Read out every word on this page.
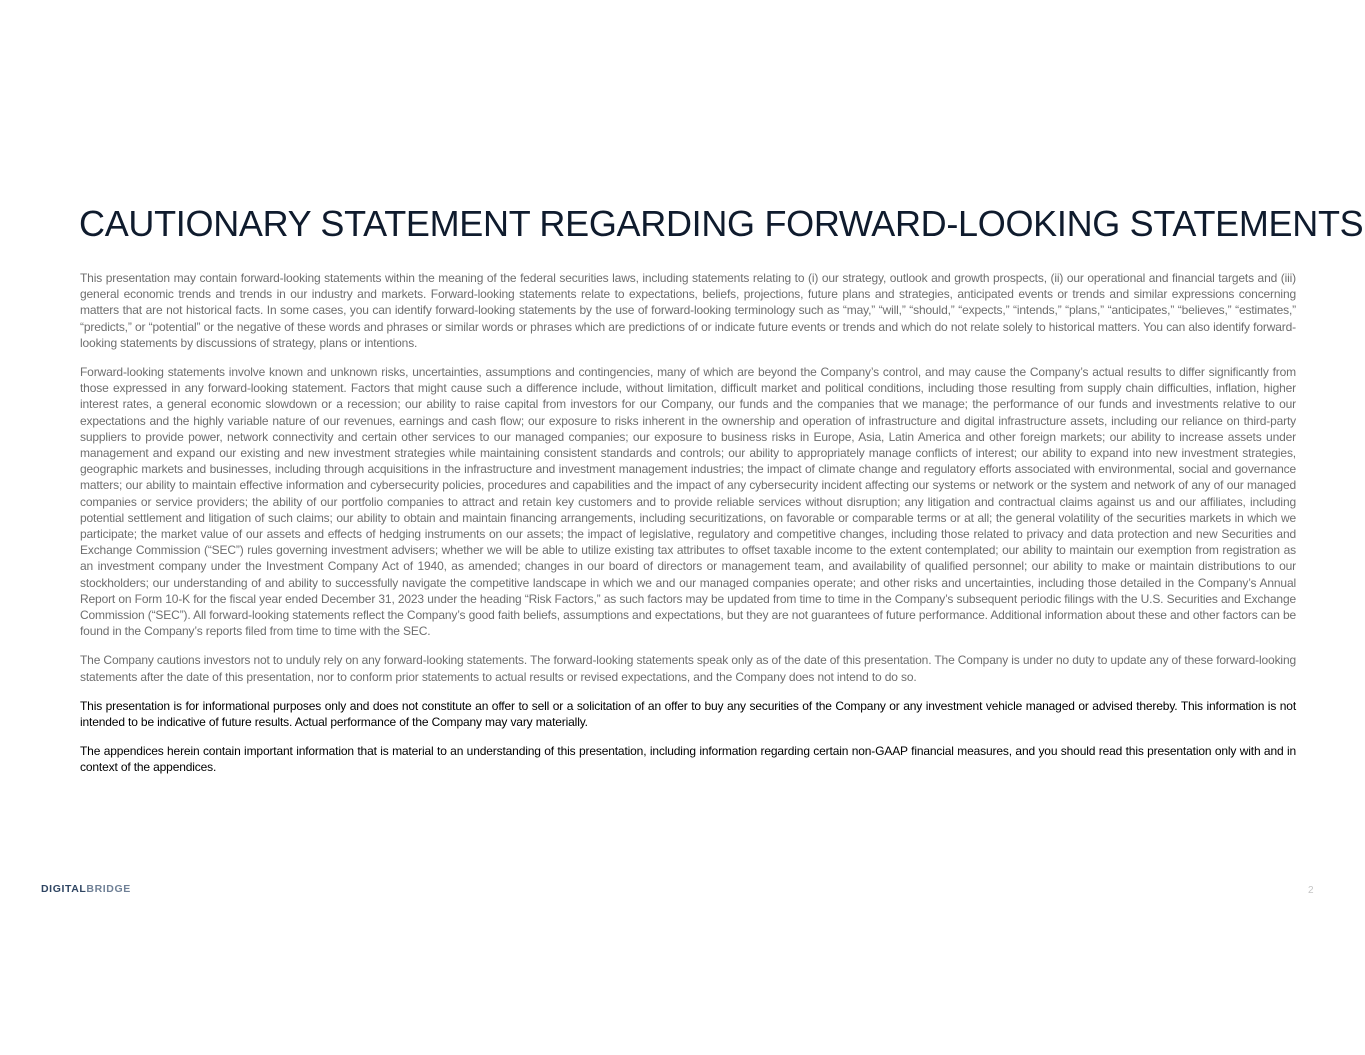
CAUTIONARY STATEMENT REGARDING FORWARD-LOOKING STATEMENTS

This presentation may contain forward-looking statements within the meaning of the federal securities laws, including statements relating to (i) our strategy, outlook and growth prospects, (ii) our operational and financial targets and (iii) general economic trends and trends in our industry and markets. Forward-looking statements relate to expectations, beliefs, projections, future plans and strategies, anticipated events or trends and similar expressions concerning matters that are not historical facts. In some cases, you can identify forward-looking statements by the use of forward-looking terminology such as “may,” “will,” “should,” “expects,” “intends,” “plans,” “anticipates,” “believes,” “estimates,” “predicts,” or “potential” or the negative of these words and phrases or similar words or phrases which are predictions of or indicate future events or trends and which do not relate solely to historical matters. You can also identify forward-looking statements by discussions of strategy, plans or intentions.

Forward-looking statements involve known and unknown risks, uncertainties, assumptions and contingencies, many of which are beyond the Company’s control, and may cause the Company’s actual results to differ significantly from those expressed in any forward-looking statement. Factors that might cause such a difference include, without limitation, difficult market and political conditions, including those resulting from supply chain difficulties, inflation, higher interest rates, a general economic slowdown or a recession; our ability to raise capital from investors for our Company, our funds and the companies that we manage; the performance of our funds and investments relative to our expectations and the highly variable nature of our revenues, earnings and cash flow; our exposure to risks inherent in the ownership and operation of infrastructure and digital infrastructure assets, including our reliance on third-party suppliers to provide power, network connectivity and certain other services to our managed companies; our exposure to business risks in Europe, Asia, Latin America and other foreign markets; our ability to increase assets under management and expand our existing and new investment strategies while maintaining consistent standards and controls; our ability to appropriately manage conflicts of interest; our ability to expand into new investment strategies, geographic markets and businesses, including through acquisitions in the infrastructure and investment management industries; the impact of climate change and regulatory efforts associated with environmental, social and governance matters; our ability to maintain effective information and cybersecurity policies, procedures and capabilities and the impact of any cybersecurity incident affecting our systems or network or the system and network of any of our managed companies or service providers; the ability of our portfolio companies to attract and retain key customers and to provide reliable services without disruption; any litigation and contractual claims against us and our affiliates, including potential settlement and litigation of such claims; our ability to obtain and maintain financing arrangements, including securitizations, on favorable or comparable terms or at all; the general volatility of the securities markets in which we participate; the market value of our assets and effects of hedging instruments on our assets; the impact of legislative, regulatory and competitive changes, including those related to privacy and data protection and new Securities and Exchange Commission (“SEC”) rules governing investment advisers; whether we will be able to utilize existing tax attributes to offset taxable income to the extent contemplated; our ability to maintain our exemption from registration as an investment company under the Investment Company Act of 1940, as amended; changes in our board of directors or management team, and availability of qualified personnel; our ability to make or maintain distributions to our stockholders; our understanding of and ability to successfully navigate the competitive landscape in which we and our managed companies operate; and other risks and uncertainties, including those detailed in the Company’s Annual Report on Form 10-K for the fiscal year ended December 31, 2023 under the heading “Risk Factors,” as such factors may be updated from time to time in the Company’s subsequent periodic filings with the U.S. Securities and Exchange Commission (“SEC”). All forward-looking statements reflect the Company’s good faith beliefs, assumptions and expectations, but they are not guarantees of future performance. Additional information about these and other factors can be found in the Company’s reports filed from time to time with the SEC.

The Company cautions investors not to unduly rely on any forward-looking statements. The forward-looking statements speak only as of the date of this presentation. The Company is under no duty to update any of these forward-looking statements after the date of this presentation, nor to conform prior statements to actual results or revised expectations, and the Company does not intend to do so.

This presentation is for informational purposes only and does not constitute an offer to sell or a solicitation of an offer to buy any securities of the Company or any investment vehicle managed or advised thereby. This information is not intended to be indicative of future results. Actual performance of the Company may vary materially.

The appendices herein contain important information that is material to an understanding of this presentation, including information regarding certain non-GAAP financial measures, and you should read this presentation only with and in context of the appendices.

DIGITALBRIDGE	2
